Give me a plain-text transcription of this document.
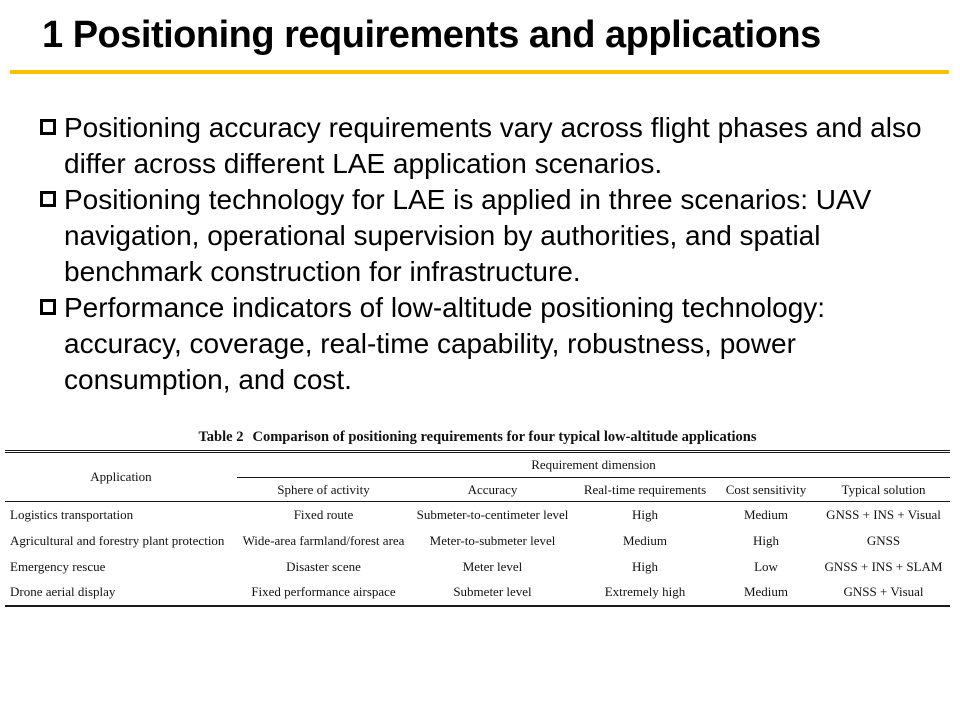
1 Positioning requirements and applications
Positioning accuracy requirements vary across flight phases and also differ across different LAE application scenarios.
Positioning technology for LAE is applied in three scenarios: UAV navigation, operational supervision by authorities, and spatial benchmark construction for infrastructure.
Performance indicators of low-altitude positioning technology: accuracy, coverage, real-time capability, robustness, power consumption, and cost.
Table 2 Comparison of positioning requirements for four typical low-altitude applications
Application	Requirement dimension				
	Sphere of activity	Accuracy	Real-time requirements	Cost sensitivity	Typical solution
Logistics transportation	Fixed route	Submeter-to-centimeter level	High	Medium	GNSS + INS + Visual
Agricultural and forestry plant protection	Wide-area farmland/forest area	Meter-to-submeter level	Medium	High	GNSS
Emergency rescue	Disaster scene	Meter level	High	Low	GNSS + INS + SLAM
Drone aerial display	Fixed performance airspace	Submeter level	Extremely high	Medium	GNSS + Visual
